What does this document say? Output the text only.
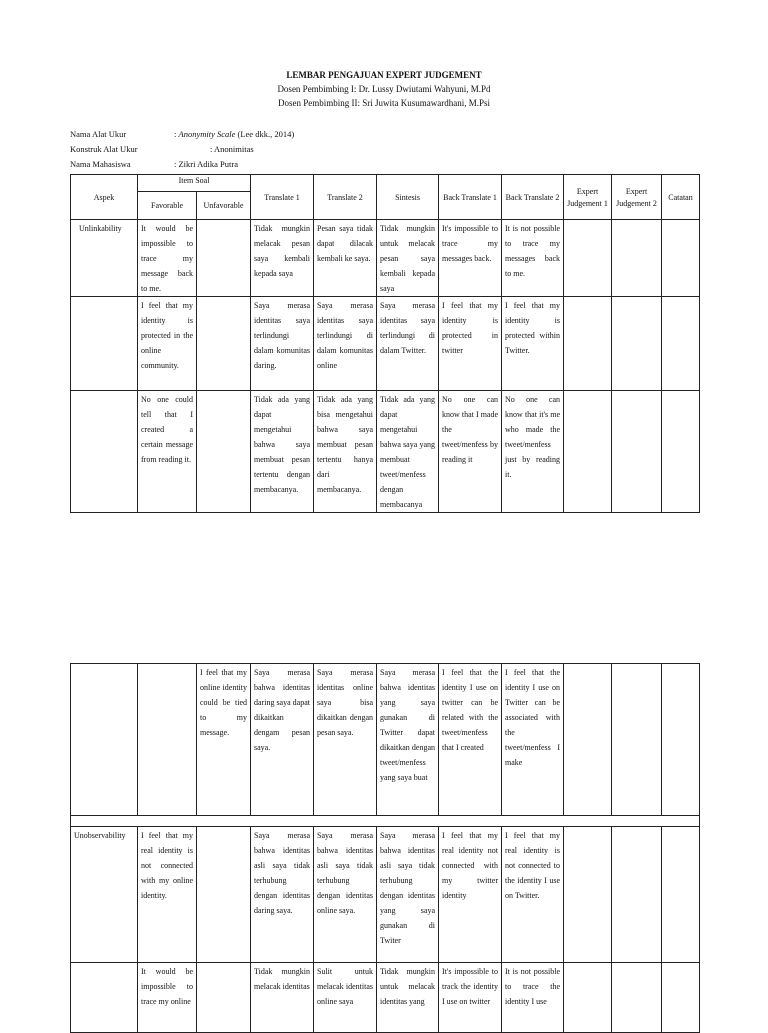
LEMBAR PENGAJUAN EXPERT JUDGEMENT
Dosen Pembimbing I: Dr. Lussy Dwiutami Wahyuni, M.Pd
Dosen Pembimbing II: Sri Juwita Kusumawardhani, M.Psi
Nama Alat Ukur	: Anonymity Scale (Lee dkk., 2014)
Konstruk Alat Ukur	: Anonimitas
Nama Mahasiswa	: Zikri Adika Putra
Aspek	Item Soal		Translate 1	Translate 2	Sintesis	Back Translate 1	Back Translate 2	Expert Judgement 1	Expert Judgement 2	Catatan
	Favorable	Unfavorable								
Unlinkability	It would be impossible to trace my message back to me.		Tidak mungkin melacak pesan saya kembali kepada saya	Pesan saya tidak dapat dilacak kembali ke saya.	Tidak mungkin untuk melacak pesan saya kembali kepada saya	It's impossible to trace my messages back.	It is not possible to trace my messages back to me.			
	I feel that my identity is protected in the online community.		Saya merasa identitas saya terlindungi dalam komunitas daring.	Saya merasa identitas saya terlindungi di dalam komunitas online	Saya merasa identitas saya terlindungi di dalam Twitter.	I feel that my identity is protected in twitter	I feel that my identity is protected within Twitter.			
	No one could tell that I created a certain message from reading it.		Tidak ada yang dapat mengetahui bahwa saya membuat pesan tertentu dengan membacanya.	Tidak ada yang bisa mengetahui bahwa saya membuat pesan tertentu hanya dari membacanya.	Tidak ada yang dapat mengetahui bahwa saya yang membuat tweet/menfess dengan membacanya	No one can know that I made the tweet/menfess by reading it	No one can know that it's me who made the tweet/menfess just by reading it.			
		I feel that my online identity could be tied to my message.	Saya merasa bahwa identitas daring saya dapat dikaitkan dengam pesan saya.	Saya merasa identitas online saya bisa dikaitkan dengan pesan saya.	Saya merasa bahwa identitas yang saya gunakan di Twitter dapat dikaitkan dengan tweet/menfess yang saya buat	I feel that the identity I use on twitter can be related with the tweet/menfess that I created	I feel that the identity I use on Twitter can be associated with the tweet/menfess I make			

Unobservability	I feel that my real identity is not connected with my online identity.		Saya merasa bahwa identitas asli saya tidak terhubung dengan identitas daring saya.	Saya merasa bahwa identitas asli saya tidak terhubung dengan identitas online saya.	Saya merasa bahwa identitas asli saya tidak terhubung dengan identitas yang saya gunakan di Twiter	I feel that my real identity not connected with my twitter identity	I feel that my real identity is not connected to the identity I use on Twitter.			
	It would be impossible to trace my online		Tidak mungkin melacak identitas	Sulit untuk melacak identitas online saya	Tidak mungkin untuk melacak identitas yang	It's impossible to track the identity I use on twitter	It is not possible to trace the identity I use			
